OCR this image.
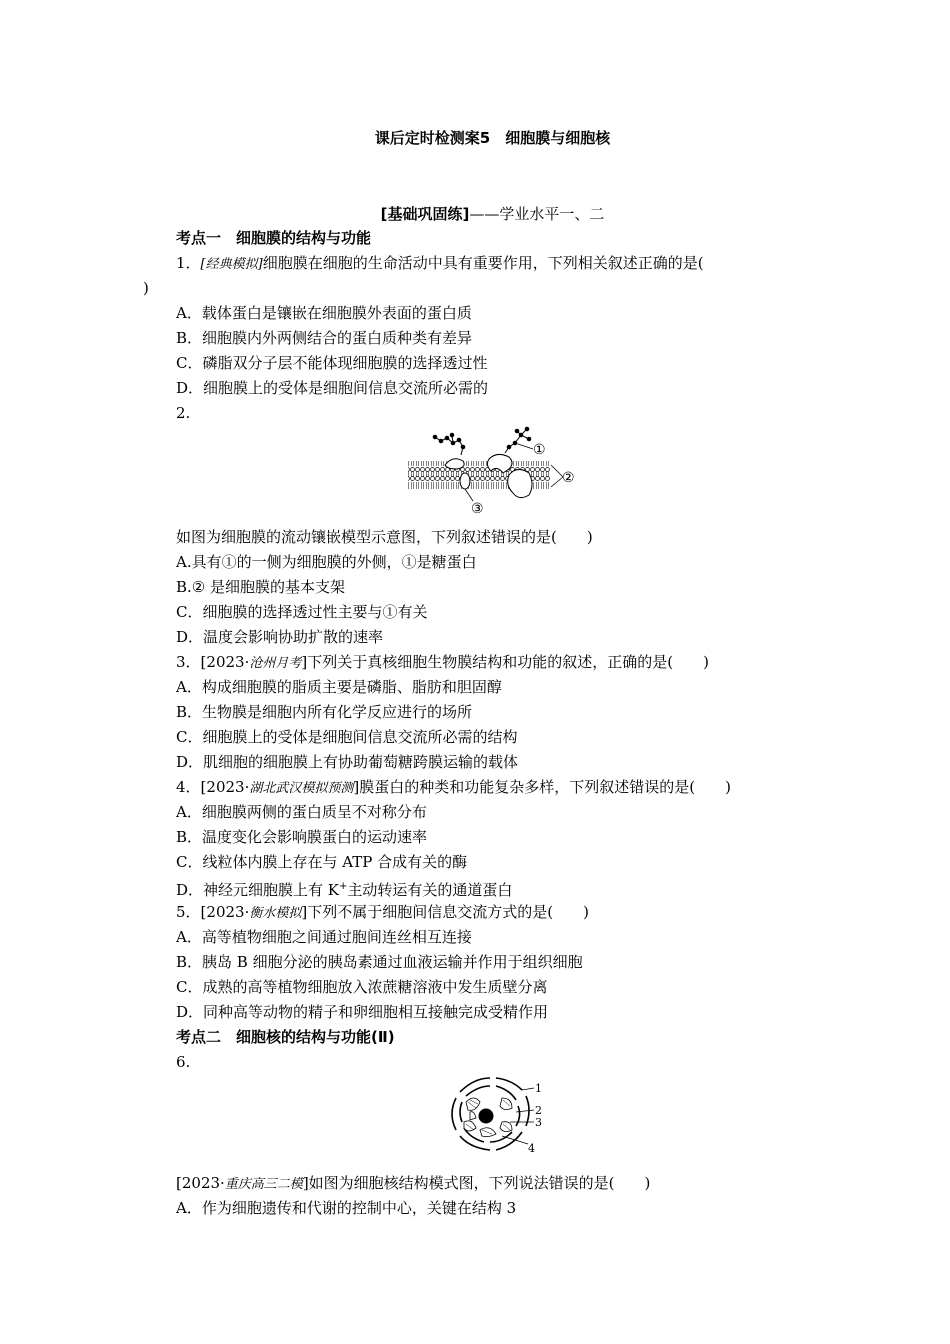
课后定时检测案5　细胞膜与细胞核
[基础巩固练]——学业水平一、二
考点一　细胞膜的结构与功能
1．[经典模拟]细胞膜在细胞的生命活动中具有重要作用，下列相关叙述正确的是(
)
A．载体蛋白是镶嵌在细胞膜外表面的蛋白质
B．细胞膜内外两侧结合的蛋白质种类有差异
C．磷脂双分子层不能体现细胞膜的选择透过性
D．细胞膜上的受体是细胞间信息交流所必需的
2.
①
②
③
如图为细胞膜的流动镶嵌模型示意图，下列叙述错误的是(　　)
A.具有①的一侧为细胞膜的外侧，①是糖蛋白
B.② 是细胞膜的基本支架
C．细胞膜的选择透过性主要与①有关
D．温度会影响协助扩散的速率
3．[2023·沧州月考]下列关于真核细胞生物膜结构和功能的叙述，正确的是(　　)
A．构成细胞膜的脂质主要是磷脂、脂肪和胆固醇
B．生物膜是细胞内所有化学反应进行的场所
C．细胞膜上的受体是细胞间信息交流所必需的结构
D．肌细胞的细胞膜上有协助葡萄糖跨膜运输的载体
4．[2023·湖北武汉模拟预测]膜蛋白的种类和功能复杂多样，下列叙述错误的是(　　)
A．细胞膜两侧的蛋白质呈不对称分布
B．温度变化会影响膜蛋白的运动速率
C．线粒体内膜上存在与 ATP 合成有关的酶
D．神经元细胞膜上有 K+主动转运有关的通道蛋白
5．[2023·衡水模拟]下列不属于细胞间信息交流方式的是(　　)
A．高等植物细胞之间通过胞间连丝相互连接
B．胰岛 B 细胞分泌的胰岛素通过血液运输并作用于组织细胞
C．成熟的高等植物细胞放入浓蔗糖溶液中发生质壁分离
D．同种高等动物的精子和卵细胞相互接触完成受精作用
考点二　细胞核的结构与功能(Ⅱ)
6.
1
2
3
4
[2023·重庆高三二模]如图为细胞核结构模式图，下列说法错误的是(　　)
A．作为细胞遗传和代谢的控制中心，关键在结构 3
